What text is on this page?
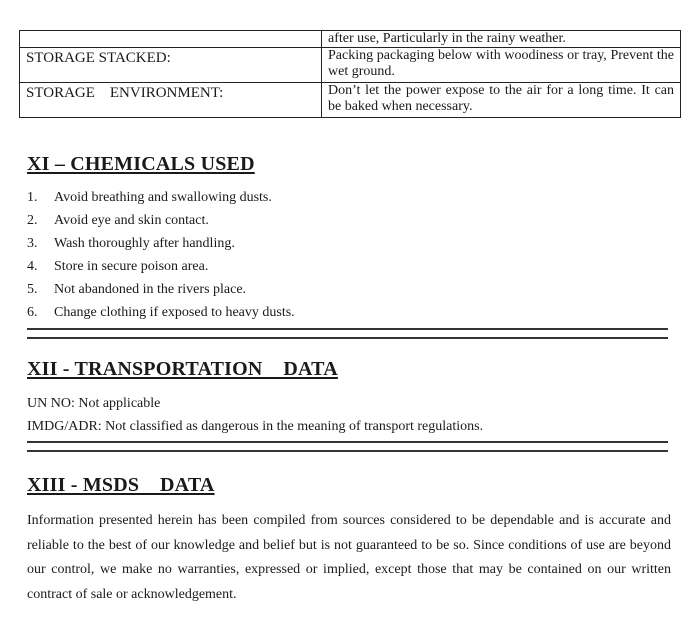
	after use, Particularly in the rainy weather.
STORAGE STACKED:	Packing packaging below with woodiness or tray, Prevent the wet ground.
STORAGE    ENVIRONMENT:	Don’t let the power expose to the air for a long time. It can be baked when necessary.
XI – CHEMICALS USED
1. Avoid breathing and swallowing dusts.
2. Avoid eye and skin contact.
3. Wash thoroughly after handling.
4. Store in secure poison area.
5. Not abandoned in the rivers place.
6. Change clothing if exposed to heavy dusts.
XII - TRANSPORTATION    DATA
UN NO: Not applicable
IMDG/ADR: Not classified as dangerous in the meaning of transport regulations.
XIII - MSDS    DATA

Information presented herein has been compiled from sources considered to be dependable and is accurate and reliable to the best of our knowledge and belief but is not guaranteed to be so. Since conditions of use are beyond our control, we make no warranties, expressed or implied, except those that may be contained on our written contract of sale or acknowledgement.
